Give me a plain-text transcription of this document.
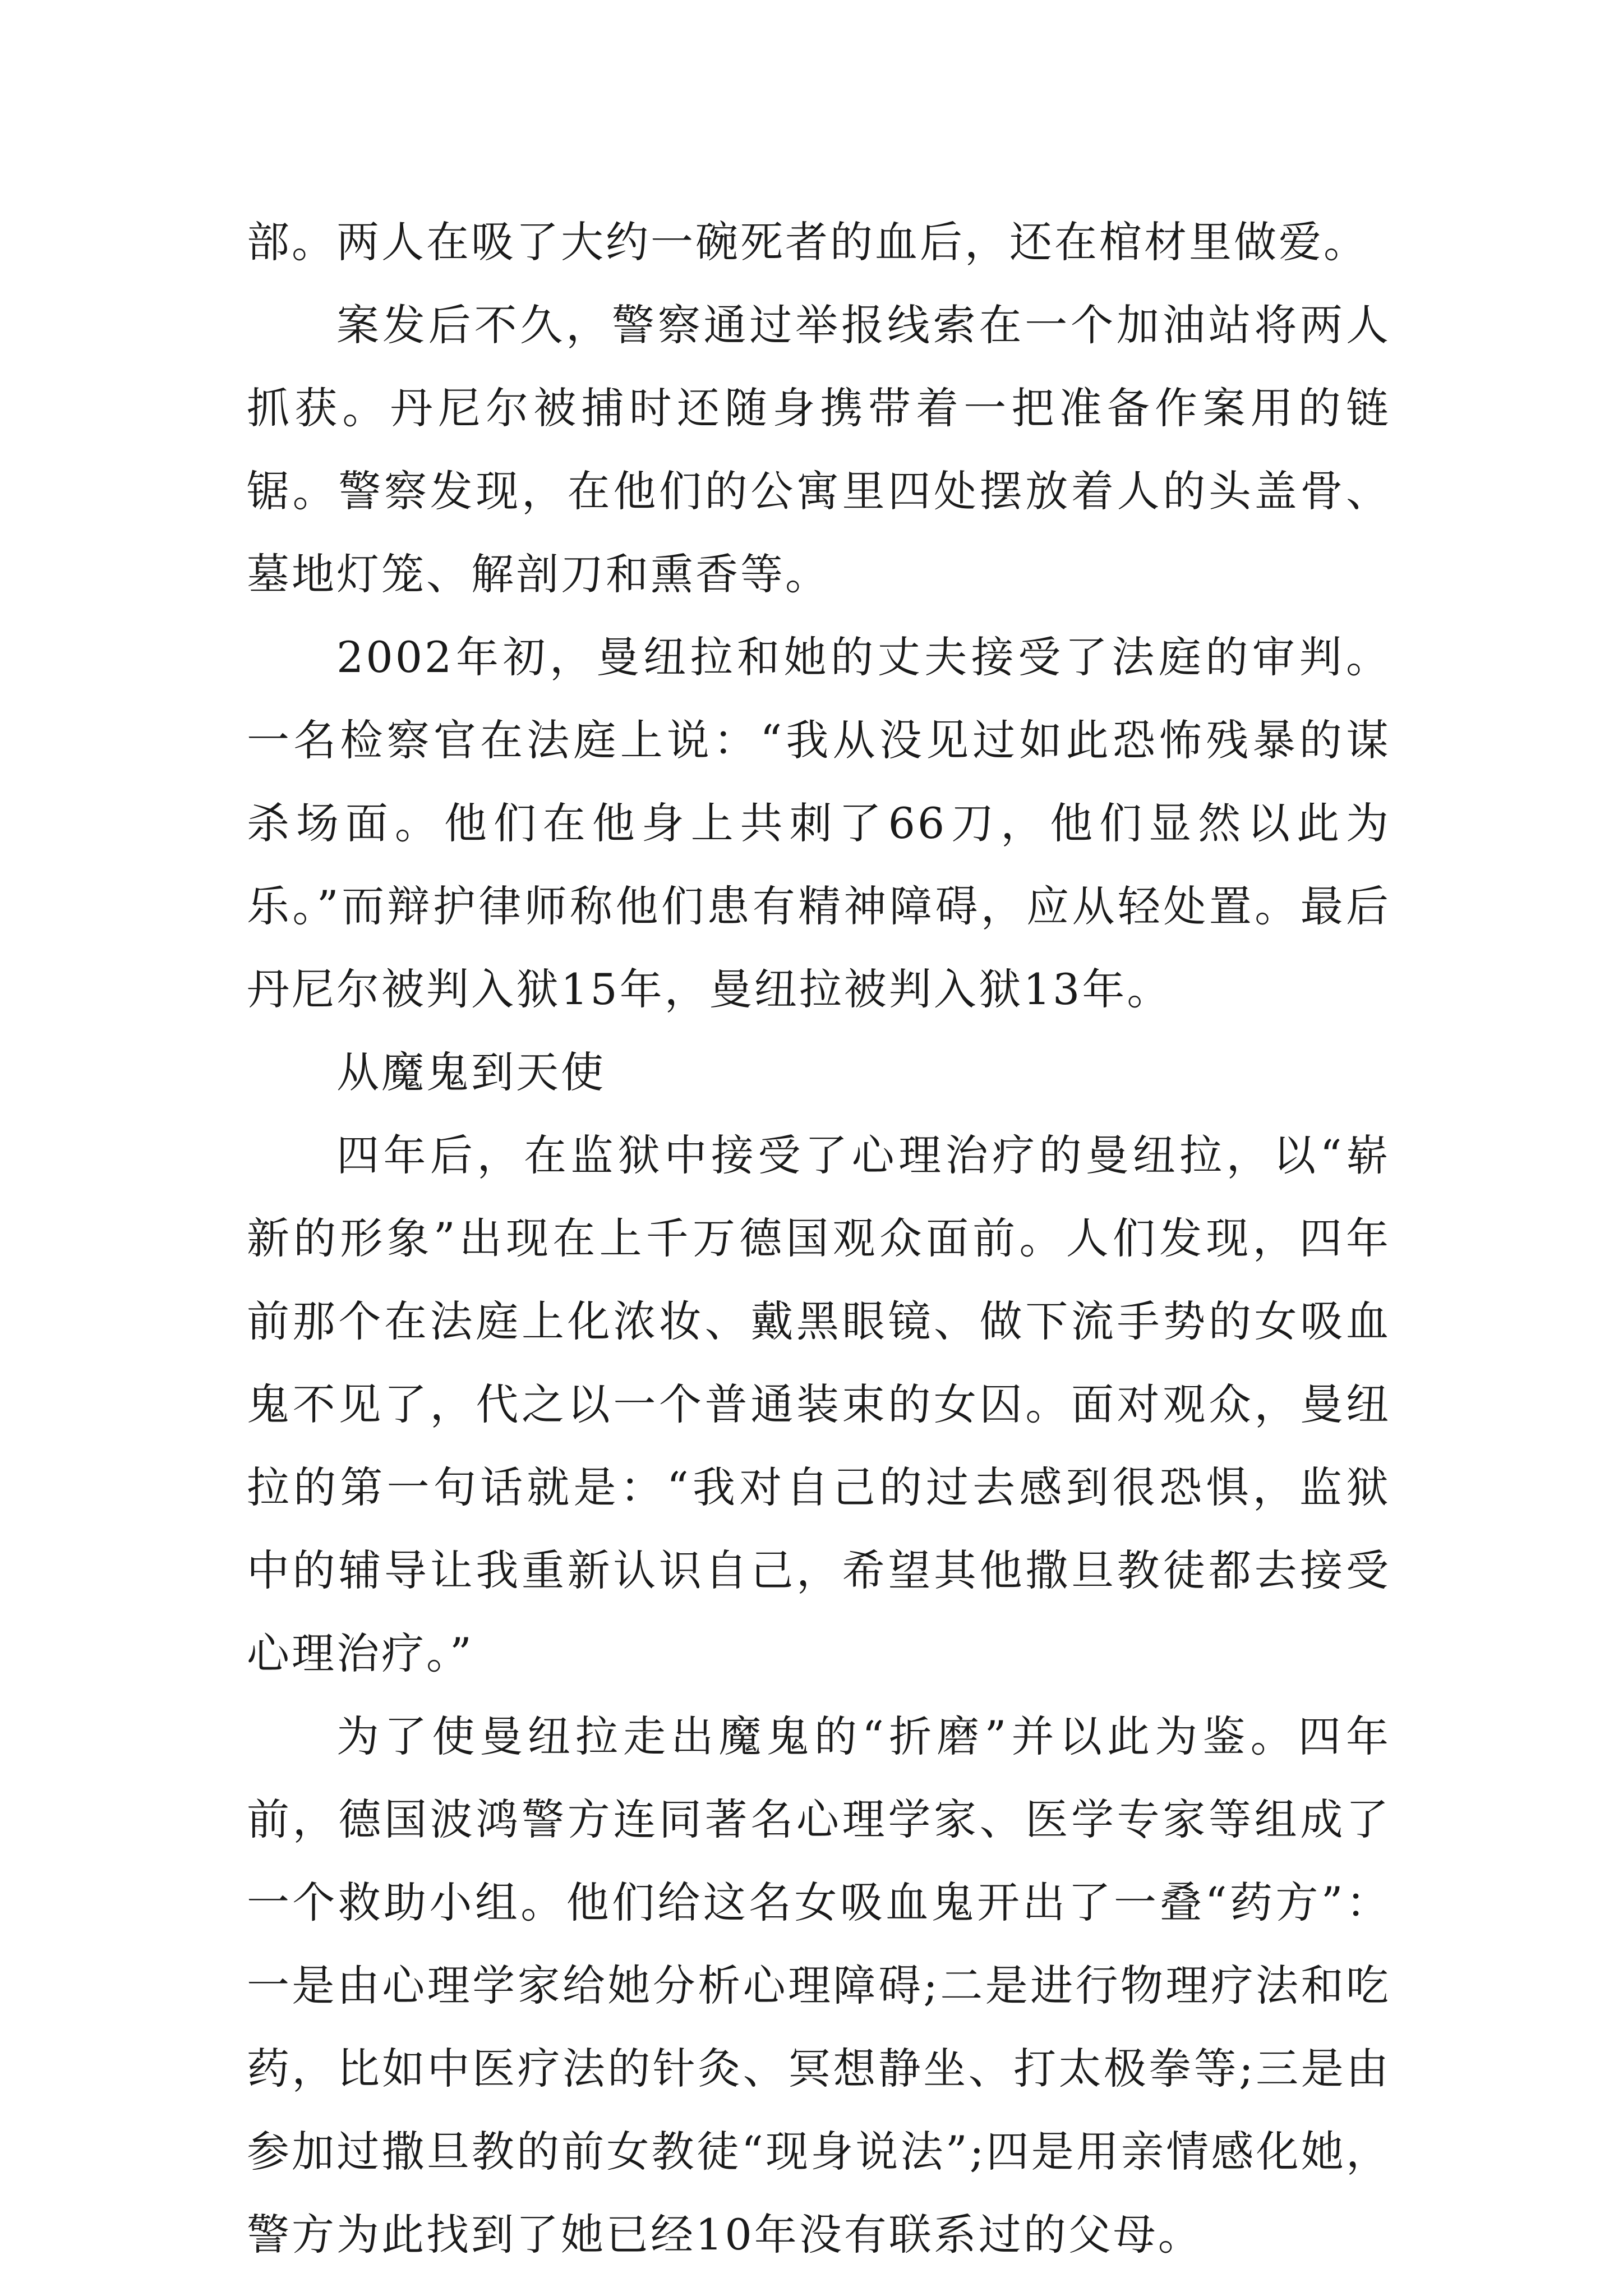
部。两人在吸了大约一碗死者的血后，还在棺材里做爱。

案发后不久，警察通过举报线索在一个加油站将两人抓获。丹尼尔被捕时还随身携带着一把准备作案用的链锯。警察发现，在他们的公寓里四处摆放着人的头盖骨、墓地灯笼、解剖刀和熏香等。

2002年初，曼纽拉和她的丈夫接受了法庭的审判。一名检察官在法庭上说：“我从没见过如此恐怖残暴的谋杀场面。他们在他身上共刺了66刀，他们显然以此为乐。”而辩护律师称他们患有精神障碍，应从轻处置。最后丹尼尔被判入狱15年，曼纽拉被判入狱13年。

从魔鬼到天使

四年后，在监狱中接受了心理治疗的曼纽拉，以“崭新的形象”出现在上千万德国观众面前。人们发现，四年前那个在法庭上化浓妆、戴黑眼镜、做下流手势的女吸血鬼不见了，代之以一个普通装束的女囚。面对观众，曼纽拉的第一句话就是：“我对自己的过去感到很恐惧，监狱中的辅导让我重新认识自己，希望其他撒旦教徒都去接受心理治疗。”

为了使曼纽拉走出魔鬼的“折磨”并以此为鉴。四年前，德国波鸿警方连同著名心理学家、医学专家等组成了一个救助小组。他们给这名女吸血鬼开出了一叠“药方”：一是由心理学家给她分析心理障碍;二是进行物理疗法和吃药，比如中医疗法的针灸、冥想静坐、打太极拳等;三是由参加过撒旦教的前女教徒“现身说法”;四是用亲情感化她，警方为此找到了她已经10年没有联系过的父母。
